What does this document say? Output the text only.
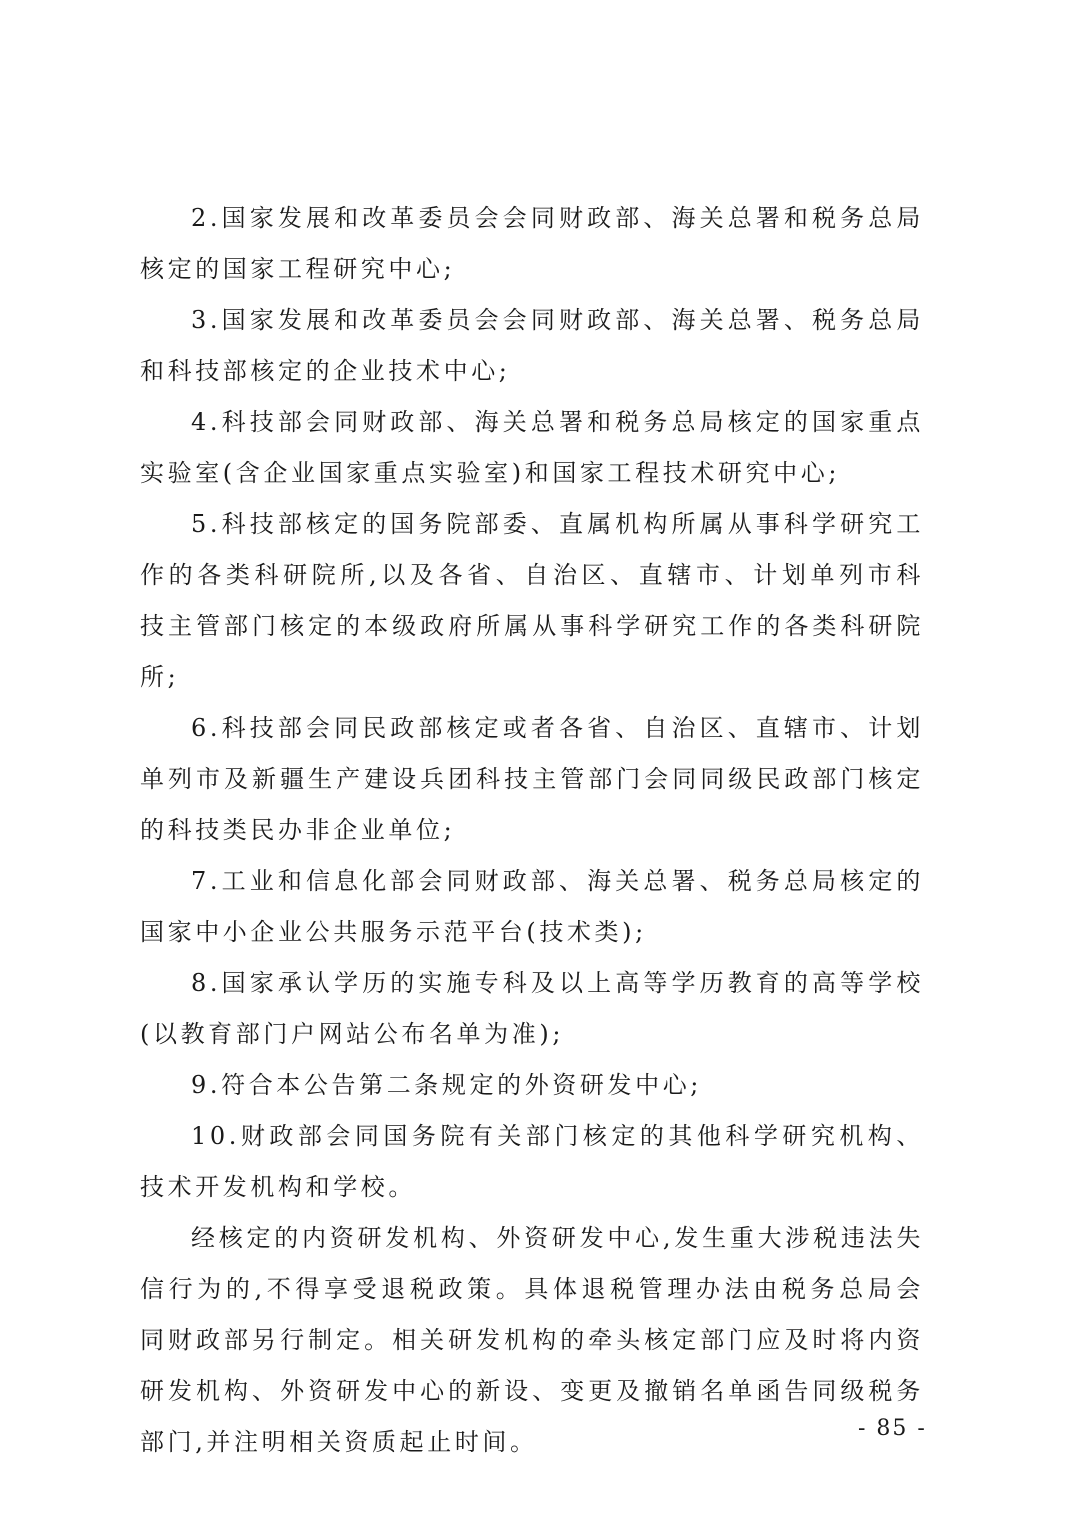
2.国家发展和改革委员会会同财政部、海关总署和税务总局核定的国家工程研究中心;

3.国家发展和改革委员会会同财政部、海关总署、税务总局和科技部核定的企业技术中心;

4.科技部会同财政部、海关总署和税务总局核定的国家重点实验室(含企业国家重点实验室)和国家工程技术研究中心;

5.科技部核定的国务院部委、直属机构所属从事科学研究工作的各类科研院所,以及各省、自治区、直辖市、计划单列市科技主管部门核定的本级政府所属从事科学研究工作的各类科研院所;

6.科技部会同民政部核定或者各省、自治区、直辖市、计划单列市及新疆生产建设兵团科技主管部门会同同级民政部门核定的科技类民办非企业单位;

7.工业和信息化部会同财政部、海关总署、税务总局核定的国家中小企业公共服务示范平台(技术类);

8.国家承认学历的实施专科及以上高等学历教育的高等学校(以教育部门户网站公布名单为准);

9.符合本公告第二条规定的外资研发中心;

10.财政部会同国务院有关部门核定的其他科学研究机构、技术开发机构和学校。

经核定的内资研发机构、外资研发中心,发生重大涉税违法失信行为的,不得享受退税政策。具体退税管理办法由税务总局会同财政部另行制定。相关研发机构的牵头核定部门应及时将内资研发机构、外资研发中心的新设、变更及撤销名单函告同级税务部门,并注明相关资质起止时间。	- 85 -
